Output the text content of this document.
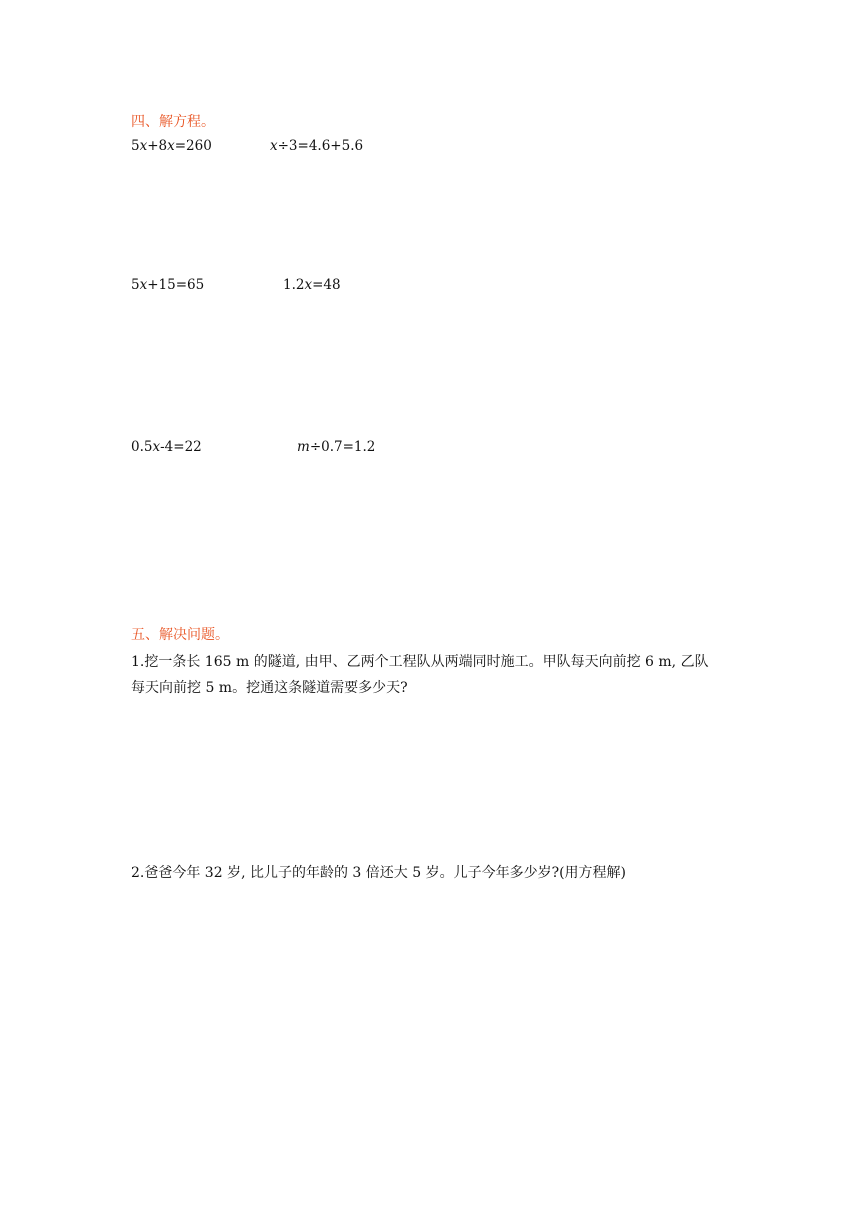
四、解方程。
5x+8x=260	x÷3=4.6+5.6
5x+15=65	1.2x=48
0.5x-4=22	m÷0.7=1.2
五、解决问题。
1.挖一条长 165 m 的隧道, 由甲、乙两个工程队从两端同时施工。甲队每天向前挖 6 m, 乙队
每天向前挖 5 m。挖通这条隧道需要多少天?
2.爸爸今年 32 岁, 比儿子的年龄的 3 倍还大 5 岁。儿子今年多少岁?(用方程解)
